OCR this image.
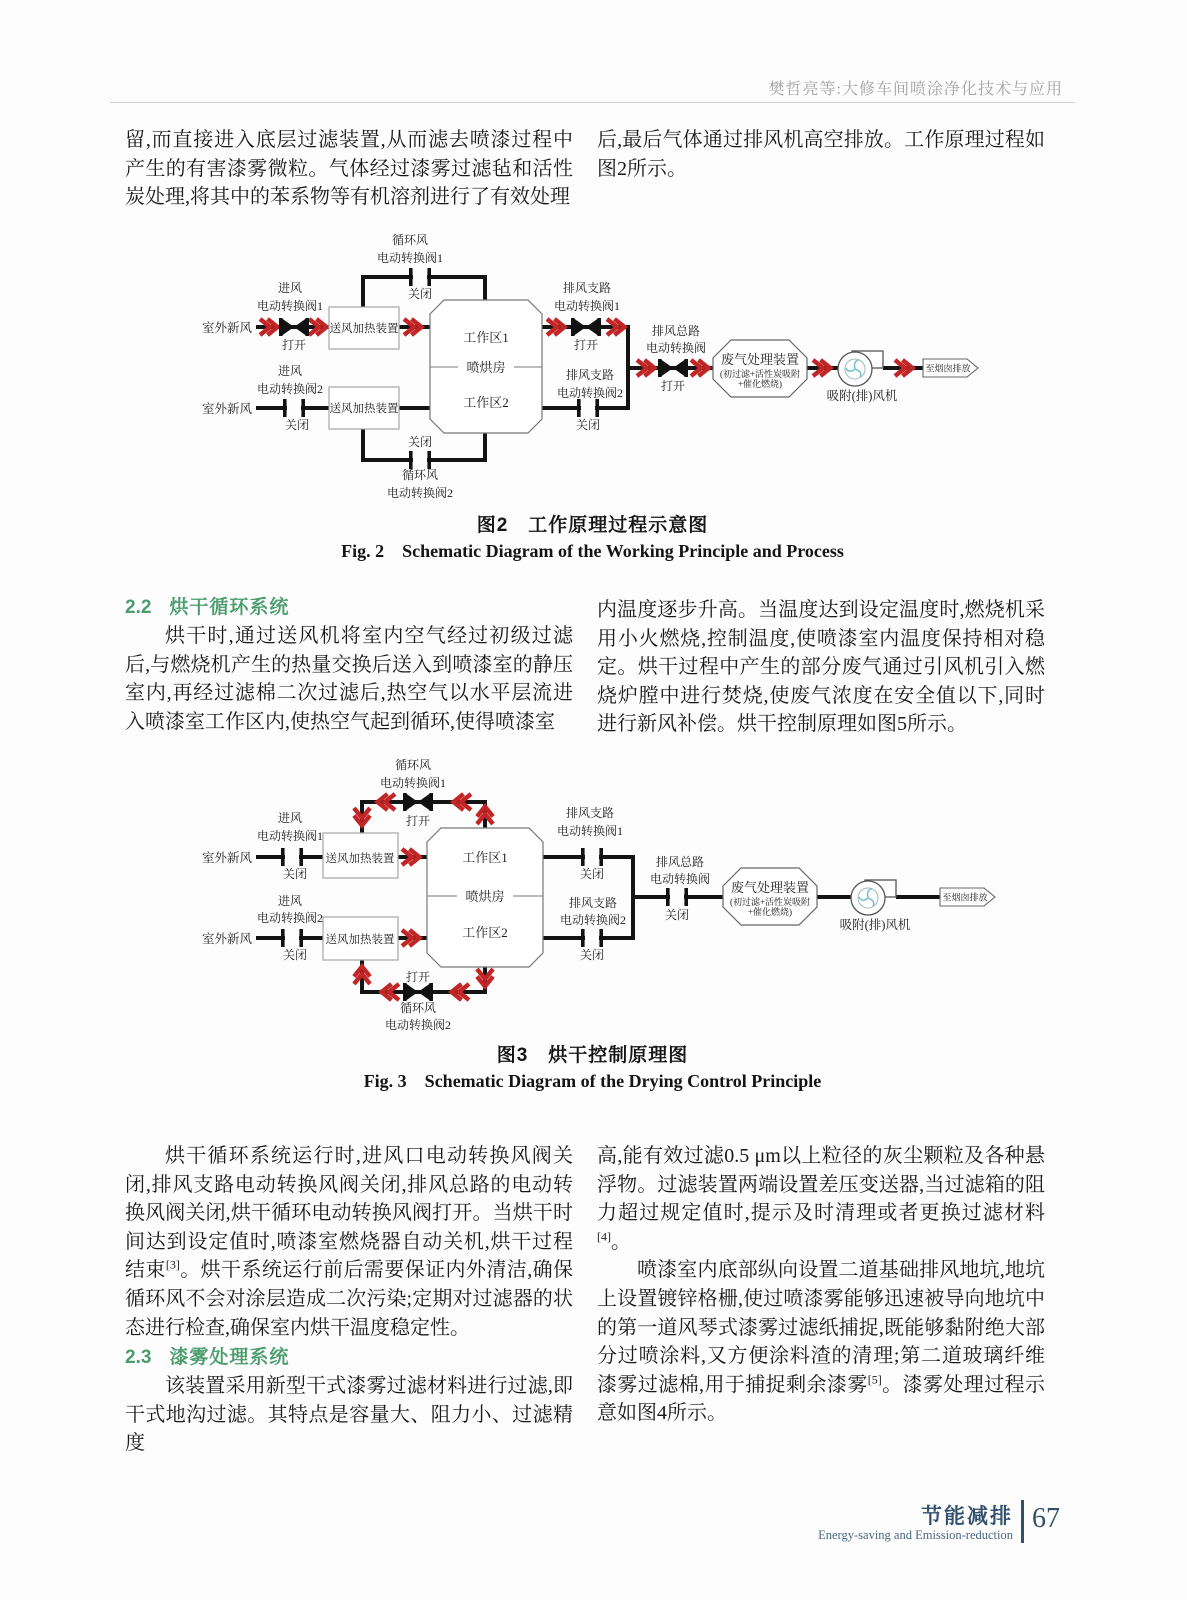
樊哲亮等:大修车间喷涂净化技术与应用

留,而直接进入底层过滤装置,从而滤去喷漆过程中产生的有害漆雾微粒。气体经过漆雾过滤毡和活性炭处理,将其中的苯系物等有机溶剂进行了有效处理

后,最后气体通过排风机高空排放。工作原理过程如图2所示。

循环风
电动转换阀1
关闭
进风
电动转换阀1
打开
室外新风	送风加热装置
进风
电动转换阀2
关闭
室外新风	送风加热装置
工作区1
喷烘房
工作区2
排风支路
电动转换阀1
打开
排风支路
电动转换阀2
关闭
关闭
循环风
电动转换阀2
排风总路
电动转换阀
打开
废气处理装置
(初过滤+活性炭吸附
+催化燃烧)
吸附(排)风机
至烟囱排放
图2　工作原理过程示意图
Fig. 2　Schematic Diagram of the Working Principle and Process
2.2 烘干循环系统

烘干时,通过送风机将室内空气经过初级过滤后,与燃烧机产生的热量交换后送入到喷漆室的静压室内,再经过滤棉二次过滤后,热空气以水平层流进入喷漆室工作区内,使热空气起到循环,使得喷漆室

内温度逐步升高。当温度达到设定温度时,燃烧机采用小火燃烧,控制温度,使喷漆室内温度保持相对稳定。烘干过程中产生的部分废气通过引风机引入燃烧炉膛中进行焚烧,使废气浓度在安全值以下,同时进行新风补偿。烘干控制原理如图5所示。

循环风
电动转换阀1
打开
进风
电动转换阀1
关闭
室外新风	送风加热装置
进风
电动转换阀2
关闭
室外新风	送风加热装置
工作区1
喷烘房
工作区2
排风支路
电动转换阀1
关闭
排风支路
电动转换阀2
关闭
打开
循环风
电动转换阀2
排风总路
电动转换阀
关闭
废气处理装置
(初过滤+活性炭吸附
+催化燃烧)
吸附(排)风机
至烟囱排放
图3　烘干控制原理图
Fig. 3　Schematic Diagram of the Drying Control Principle

烘干循环系统运行时,进风口电动转换风阀关闭,排风支路电动转换风阀关闭,排风总路的电动转换风阀关闭,烘干循环电动转换风阀打开。当烘干时间达到设定值时,喷漆室燃烧器自动关机,烘干过程结束[3]。烘干系统运行前后需要保证内外清洁,确保循环风不会对涂层造成二次污染;定期对过滤器的状态进行检查,确保室内烘干温度稳定性。

2.3 漆雾处理系统

该装置采用新型干式漆雾过滤材料进行过滤,即干式地沟过滤。其特点是容量大、阻力小、过滤精度

高,能有效过滤0.5 μm以上粒径的灰尘颗粒及各种悬浮物。过滤装置两端设置差压变送器,当过滤箱的阻力超过规定值时,提示及时清理或者更换过滤材料[4]。

喷漆室内底部纵向设置二道基础排风地坑,地坑上设置镀锌格栅,使过喷漆雾能够迅速被导向地坑中的第一道风琴式漆雾过滤纸捕捉,既能够黏附绝大部分过喷涂料,又方便涂料渣的清理;第二道玻璃纤维漆雾过滤棉,用于捕捉剩余漆雾[5]。漆雾处理过程示意如图4所示。

节能减排
Energy-saving and Emission-reduction
67
